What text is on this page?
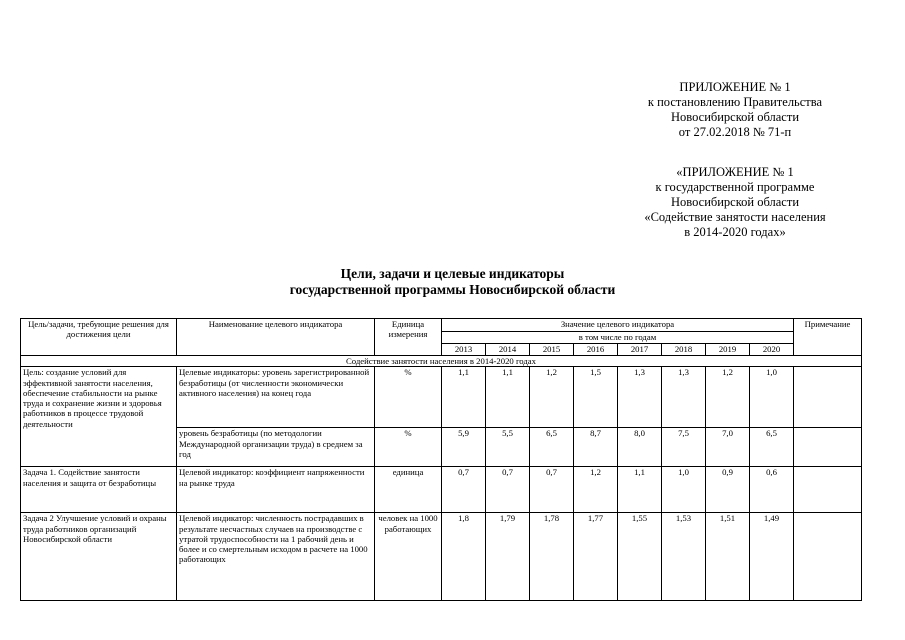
ПРИЛОЖЕНИЕ № 1
к постановлению Правительства
Новосибирской области
от 27.02.2018 № 71-п
«ПРИЛОЖЕНИЕ № 1
к государственной программе
Новосибирской области
«Содействие занятости населения
в 2014-2020 годах»
Цели, задачи и целевые индикаторы
государственной программы Новосибирской области
Цель/задачи, требующие решения для достижения цели	Наименование целевого индикатора	Единица измерения	Значение целевого индикатора								Примечание
			в том числе по годам								
			2013	2014	2015	2016	2017	2018	2019	2020	
Содействие занятости населения в 2014-2020 годах											
Цель: создание условий для эффективной занятости населения, обеспечение стабильности на рынке труда и сохранение жизни и здоровья работников в процессе трудовой деятельности	Целевые индикаторы: уровень зарегистрированной безработицы (от численности экономически активного населения) на конец года	%	1,1	1,1	1,2	1,5	1,3	1,3	1,2	1,0	
	уровень безработицы (по методологии Международной организации труда) в среднем за год	%	5,9	5,5	6,5	8,7	8,0	7,5	7,0	6,5	
Задача 1. Содействие занятости населения и защита от безработицы	Целевой индикатор: коэффициент напряженности на рынке труда	единица	0,7	0,7	0,7	1,2	1,1	1,0	0,9	0,6	
Задача 2 Улучшение условий и охраны труда работников организаций Новосибирской области	Целевой индикатор: численность пострадавших в результате несчастных случаев на производстве с утратой трудоспособности на 1 рабочий день и более и со смертельным исходом в расчете на 1000 работающих	человек на 1000 работающих	1,8	1,79	1,78	1,77	1,55	1,53	1,51	1,49	
